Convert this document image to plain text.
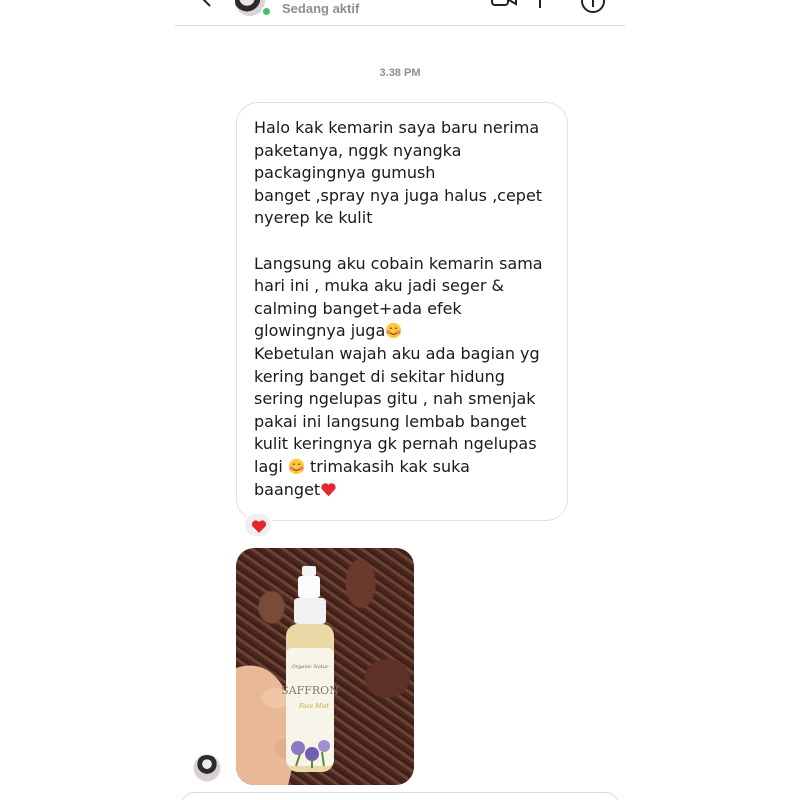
Sedang aktif
3.38 PM
Halo kak kemarin saya baru nerima
paketanya, nggk nyangka
packagingnya gumush
banget ,spray nya juga halus ,cepet
nyerep ke kulit

Langsung aku cobain kemarin sama
hari ini , muka aku jadi seger &
calming banget+ada efek
glowingnya juga
Kebetulan wajah aku ada bagian yg
kering banget di sekitar hidung
sering ngelupas gitu , nah smenjak
pakai ini langsung lembab banget
kulit keringnya gk pernah ngelupas
lagi  trimakasih kak suka
baanget
Organic Natur
SAFFRON
Face Mist
